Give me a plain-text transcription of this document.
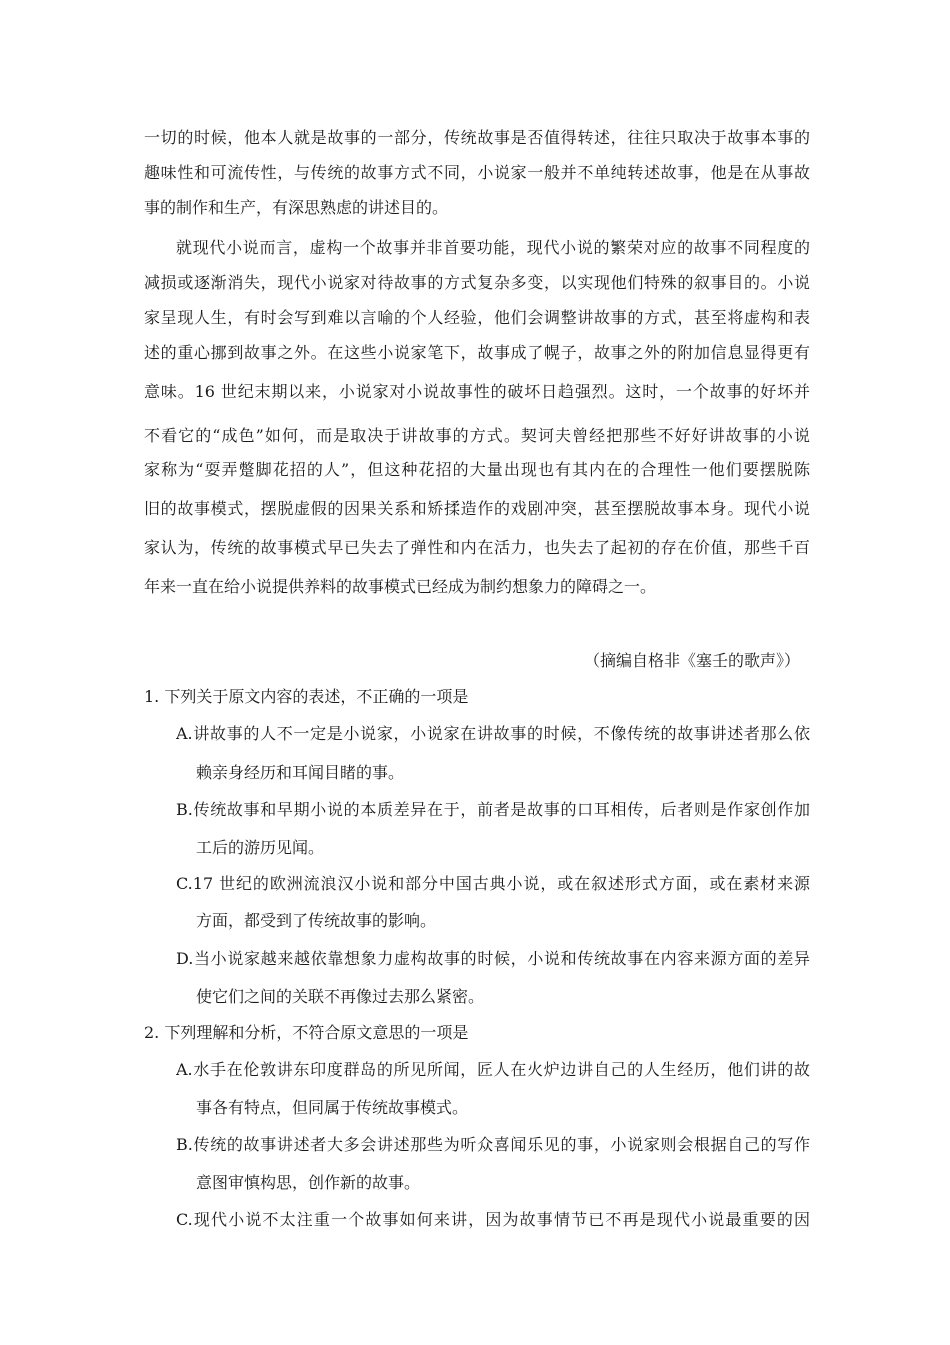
一切的时候，他本人就是故事的一部分，传统故事是否值得转述，往往只取决于故事本事的
趣味性和可流传性，与传统的故事方式不同，小说家一般并不单纯转述故事，他是在从事故
事的制作和生产，有深思熟虑的讲述目的。
就现代小说而言，虚构一个故事并非首要功能，现代小说的繁荣对应的故事不同程度的
减损或逐渐消失，现代小说家对待故事的方式复杂多变，以实现他们特殊的叙事目的。小说
家呈现人生，有时会写到难以言喻的个人经验，他们会调整讲故事的方式，甚至将虚构和表
述的重心挪到故事之外。在这些小说家笔下，故事成了幌子，故事之外的附加信息显得更有
意味。16 世纪末期以来，小说家对小说故事性的破坏日趋强烈。这时，一个故事的好坏并
不看它的“成色”如何，而是取决于讲故事的方式。契诃夫曾经把那些不好好讲故事的小说
家称为“耍弄蹩脚花招的人”，但这种花招的大量出现也有其内在的合理性一他们要摆脱陈
旧的故事模式，摆脱虚假的因果关系和矫揉造作的戏剧冲突，甚至摆脱故事本身。现代小说
家认为，传统的故事模式早已失去了弹性和内在活力，也失去了起初的存在价值，那些千百
年来一直在给小说提供养料的故事模式已经成为制约想象力的障碍之一。
（摘编自格非《塞壬的歌声》）
1. 下列关于原文内容的表述，不正确的一项是
A.讲故事的人不一定是小说家，小说家在讲故事的时候，不像传统的故事讲述者那么依
赖亲身经历和耳闻目睹的事。
B.传统故事和早期小说的本质差异在于，前者是故事的口耳相传，后者则是作家创作加
工后的游历见闻。
C.17 世纪的欧洲流浪汉小说和部分中国古典小说，或在叙述形式方面，或在素材来源
方面，都受到了传统故事的影响。
D.当小说家越来越依靠想象力虚构故事的时候，小说和传统故事在内容来源方面的差异
使它们之间的关联不再像过去那么紧密。
2. 下列理解和分析，不符合原文意思的一项是
A.水手在伦敦讲东印度群岛的所见所闻，匠人在火炉边讲自己的人生经历，他们讲的故
事各有特点，但同属于传统故事模式。
B.传统的故事讲述者大多会讲述那些为听众喜闻乐见的事，小说家则会根据自己的写作
意图审慎构思，创作新的故事。
C.现代小说不太注重一个故事如何来讲，因为故事情节已不再是现代小说最重要的因
